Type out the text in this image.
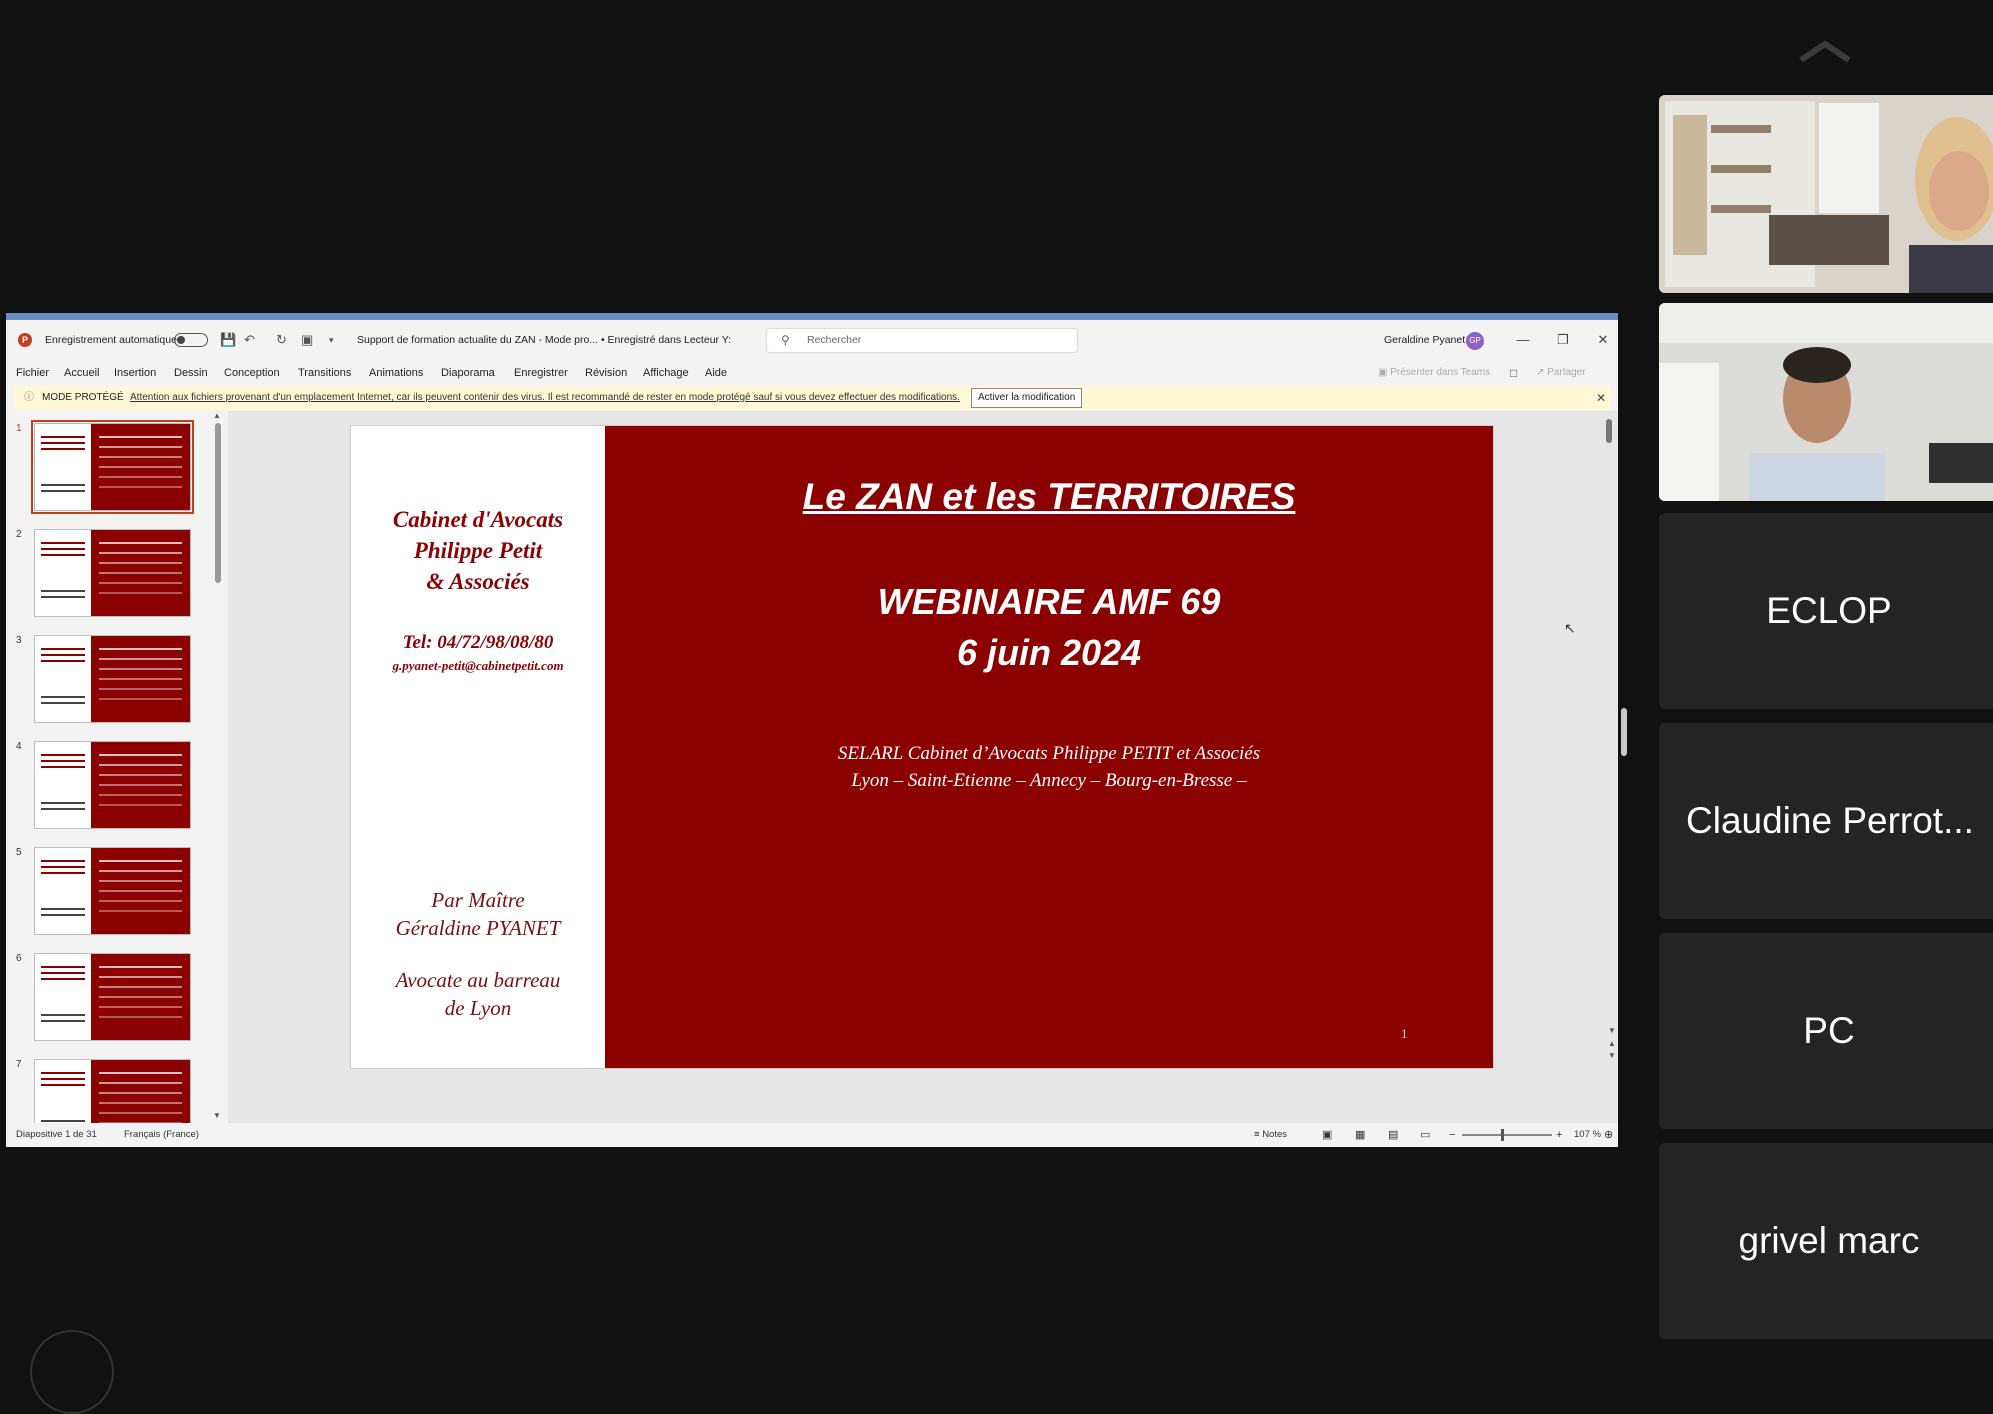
P	Enregistrement automatique	💾 ↶ ↻ ▣ ▾ Support de formation actualite du ZAN - Mode pro... • Enregistré dans Lecteur Y:	⚲ Rechercher	Geraldine Pyanet GP	—	❐	✕
Fichier Accueil Insertion Dessin Conception Transitions Animations Diaporama Enregistrer Révision Affichage Aide	▣ Présenter dans Teams □ ↗ Partager
ⓘ MODE PROTÉGÉ Attention aux fichiers provenant d'un emplacement Internet, car ils peuvent contenir des virus. Il est recommandé de rester en mode protégé sauf si vous devez effectuer des modifications.	Activer la modification	✕
▲
▼
1
2
3
4
5
6
7
Cabinet d'Avocats
Philippe Petit
& Associés
Tel: 04/72/98/08/80
g.pyanet-petit@cabinetpetit.com
Par Maître
Géraldine PYANET
Avocate au barreau
de Lyon
Le ZAN et les TERRITOIRES
WEBINAIRE AMF 69
6 juin 2024
SELARL Cabinet d’Avocats Philippe PETIT et Associés
Lyon – Saint-Etienne – Annecy – Bourg-en-Bresse –
1	▼
▲
▼
Diapositive 1 de 31	Français (France)	≡ Notes	▣ ▦ ▤ ▭ −	+ 107 % ⊕
↖	ECLOP
Claudine Perrot...
PC
grivel marc
